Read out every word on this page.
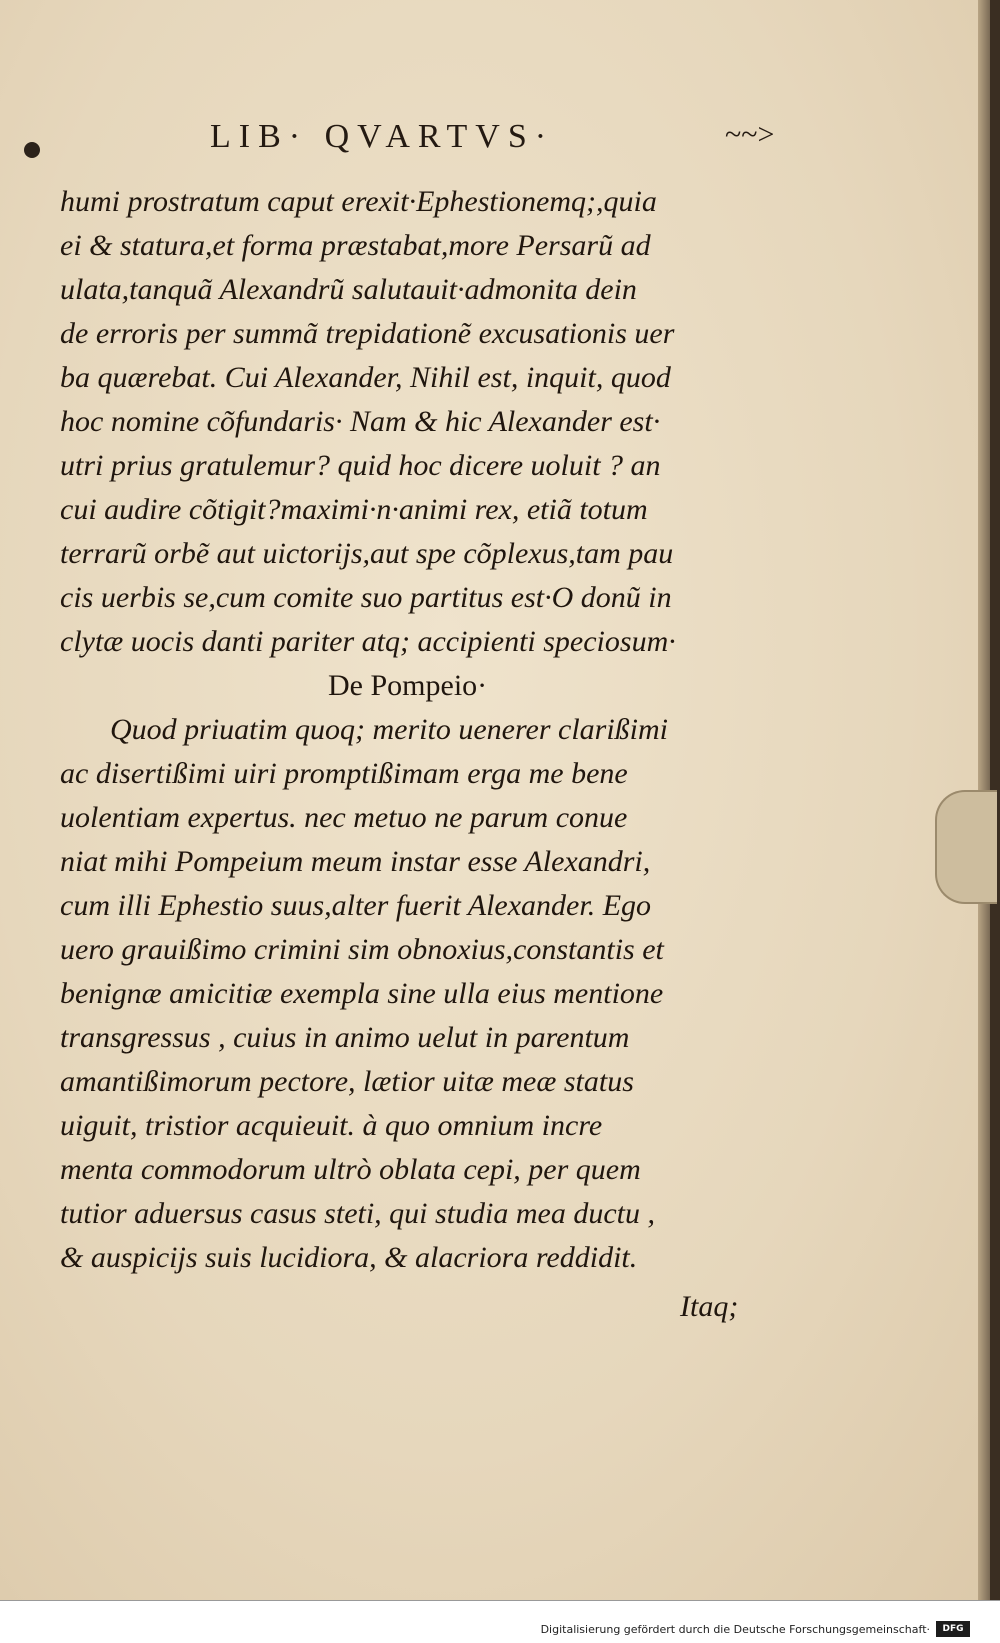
LIB· QVARTVS·	~~>
humi prostratum caput erexit·Ephestionemq;,quia
ei & statura,et forma præstabat,more Persarũ ad
ulata,tanquã Alexandrũ salutauit·admonita dein
de erroris per summã trepidationẽ excusationis uer
ba quærebat. Cui Alexander, Nihil est, inquit, quod
hoc nomine cõfundaris· Nam & hic Alexander est·
utri prius gratulemur? quid hoc dicere uoluit ? an
cui audire cõtigit?maximi·n·animi rex, etiã totum
terrarũ orbẽ aut uictorijs,aut spe cõplexus,tam pau
cis uerbis se,cum comite suo partitus est·O donũ in
clytæ uocis danti pariter atq; accipienti speciosum·
De Pompeio·
Quod priuatim quoq; merito uenerer clarißimi
ac disertißimi uiri promptißimam erga me bene
uolentiam expertus. nec metuo ne parum conue
niat mihi Pompeium meum instar esse Alexandri,
cum illi Ephestio suus,alter fuerit Alexander. Ego
uero grauißimo crimini sim obnoxius,constantis et
benignæ amicitiæ exempla sine ulla eius mentione
transgressus , cuius in animo uelut in parentum
amantißimorum pectore, lætior uitæ meæ status
uiguit, tristior acquieuit. à quo omnium incre
menta commodorum ultrò oblata cepi, per quem
tutior aduersus casus steti, qui studia mea ductu ,
& auspicijs suis lucidiora, & alacriora reddidit.
Itaq;
Digitalisierung gefördert durch die Deutsche Forschungsgemeinschaft·	DFG
